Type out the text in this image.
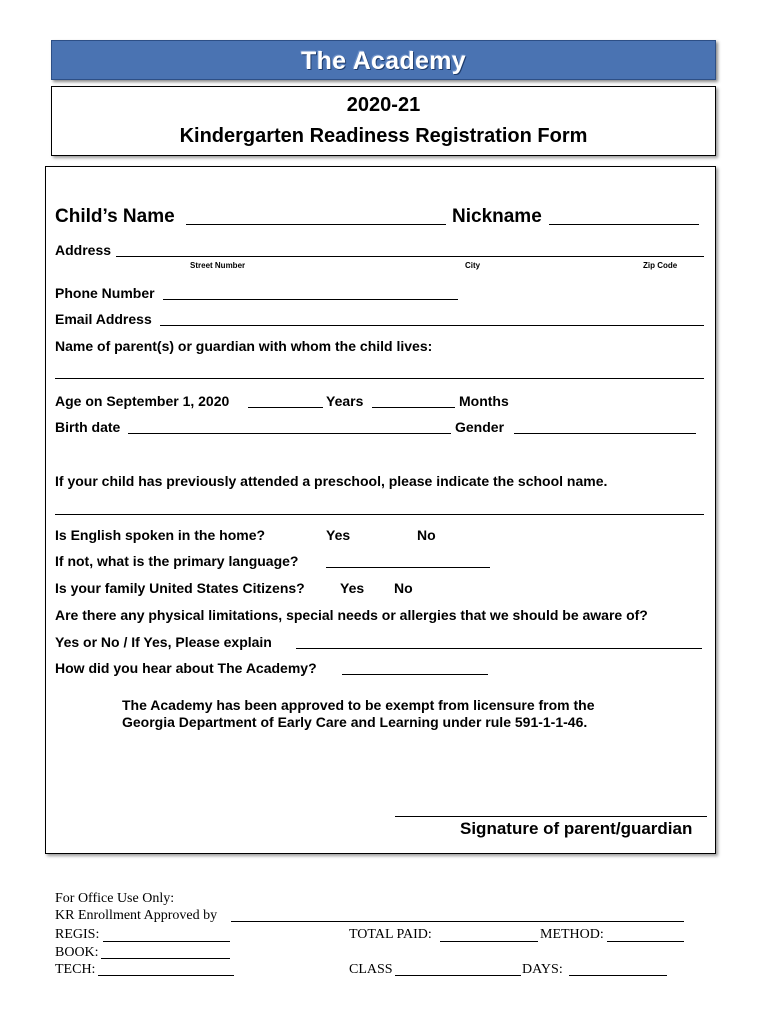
The Academy
2020-21
Kindergarten Readiness Registration Form
Child’s Name	Nickname
Address
Street Number	City	Zip Code
Phone Number
Email Address
Name of parent(s) or guardian with whom the child lives:
Age on September 1, 2020	Years	Months
Birth date	Gender
If your child has previously attended a preschool, please indicate the school name.
Is English spoken in the home?	Yes	No
If not, what is the primary language?
Is your family United States Citizens?	Yes No
Are there any physical limitations, special needs or allergies that we should be aware of?
Yes or No / If Yes, Please explain
How did you hear about The Academy?
The Academy has been approved to be exempt from licensure from the
Georgia Department of Early Care and Learning under rule 591-1-1-46.
Signature of parent/guardian
For Office Use Only:
KR Enrollment Approved by
REGIS:	TOTAL PAID:	METHOD:
BOOK:
TECH:	CLASS	DAYS:
